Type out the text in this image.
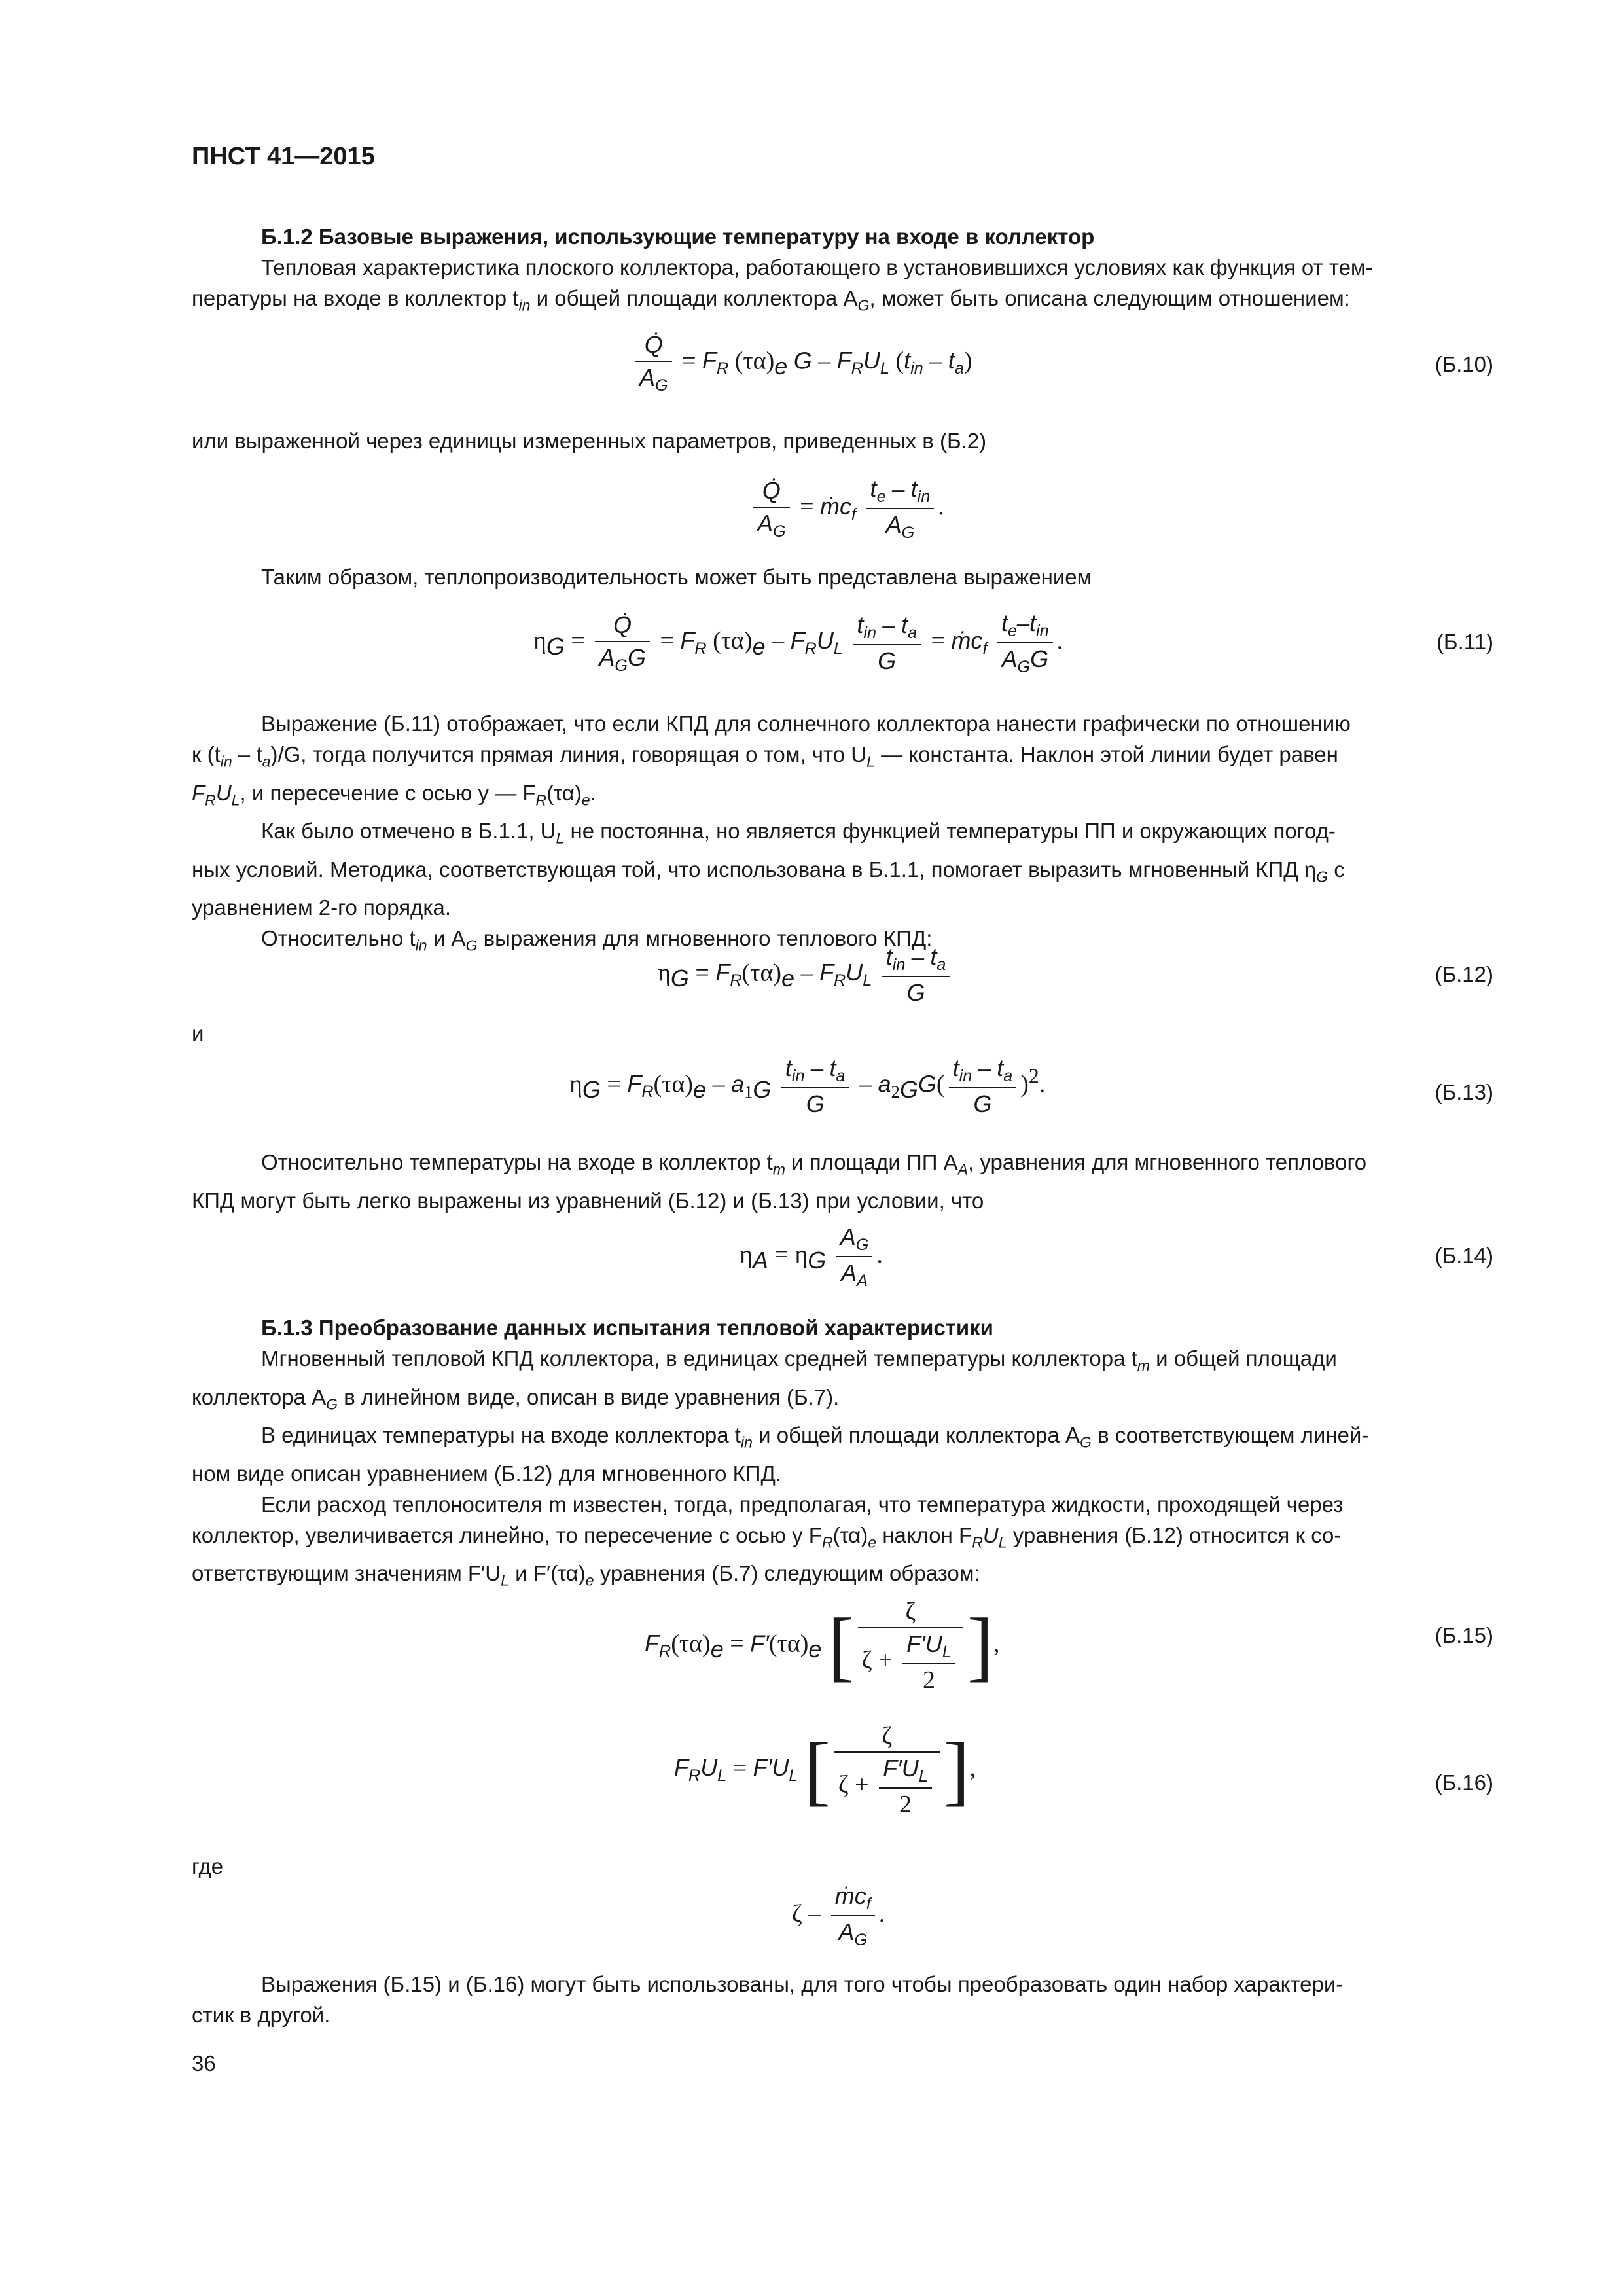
ПНСТ 41—2015

Б.1.2 Базовые выражения, использующие температуру на входе в коллектор

Тепловая характеристика плоского коллектора, работающего в установившихся условиях как функция от тем-

пературы на входе в коллектор $t_{in}$ и общей площади коллектора $A_G$, может быть описана следующим отношением:

$\frac{Q̇}{A_G} = F_R$ $(\tau\alpha)_e$ G – $F_RU_L$ $(t_{in} - t_a)$	(Б.10)

или выраженной через единицы измеренных параметров, приведенных в (Б.2)

$\frac{Q̇}{A_G}$ = ṁc$_f$ $\frac{t_e - t_{in}}{A_G}$ .

Таким образом, теплопроизводительность может быть представлена выражением

$\eta_G = \frac{Q̇}{A_GG} = F_R$ $(\tau\alpha)_e - F_RU_L \frac{t_{in} - t_a}{G}$ = ṁc$_f$ $\frac{t_e-t_{in}}{A_GG}$ .	(Б.11)

Выражение (Б.11) отображает, что если КПД для солнечного коллектора нанести графически по отношению

к $(t_{in} - t_a)/G$, тогда получится прямая линия, говорящая о том, что $U_L$ — константа. Наклон этой линии будет равен

$F_RU_L$, и пересечение с осью y — $F_R(\tau\alpha)_e$.

Как было отмечено в Б.1.1, $U_L$ не постоянна, но является функцией температуры ПП и окружающих погод-

ных условий. Методика, соответствующая той, что использована в Б.1.1, помогает выразить мгновенный КПД $\eta_G$ с

уравнением 2-го порядка.

Относительно $t_{in}$ и $A_G$ выражения для мгновенного теплового КПД:

$\eta_G = F_R(\tau\alpha)_e - F_RU_L \frac{t_{in} - t_a}{G}$	(Б.12)

и

$\eta_G = F_R(\tau\alpha)_e - a_{1G} \frac{t_{in} - t_a}{G} - a_{2G}G( \frac{t_{in} - t_a}{G} )^2$.	(Б.13)

Относительно температуры на входе в коллектор $t_m$ и площади ПП $A_A$, уравнения для мгновенного теплового

КПД могут быть легко выражены из уравнений (Б.12) и (Б.13) при условии, что

$\eta_A = \eta_G \frac{A_G}{A_A}$ .	(Б.14)

Б.1.3 Преобразование данных испытания тепловой характеристики

Мгновенный тепловой КПД коллектора, в единицах средней температуры коллектора $t_m$ и общей площади

коллектора $A_G$ в линейном виде, описан в виде уравнения (Б.7).

В единицах температуры на входе коллектора $t_{in}$ и общей площади коллектора $A_G$ в соответствующем линей-

ном виде описан уравнением (Б.12) для мгновенного КПД.

Если расход теплоносителя m известен, тогда, предполагая, что температура жидкости, проходящей через

коллектор, увеличивается линейно, то пересечение с осью y $F_R(\tau\alpha)_e$ наклон $F_RU_L$ уравнения (Б.12) относится к со-

ответствующим значениям $F'U_L$ и $F'(\tau\alpha)_e$ уравнения (Б.7) следующим образом:

$F_R(\tau\alpha)_e = F'(\tau\alpha)_e$ [ $\frac{\zeta}{\zeta + \frac{F'U_L}{2}}$ ],	(Б.15)
$F_RU_L = F'U_L$ [ $\frac{\zeta}{\zeta + \frac{F'U_L}{2}}$ ],
(Б.16)

где

ζ – $\frac{ṁc_f}{A_G}$ .

Выражения (Б.15) и (Б.16) могут быть использованы, для того чтобы преобразовать один набор характери-

стик в другой.

36
